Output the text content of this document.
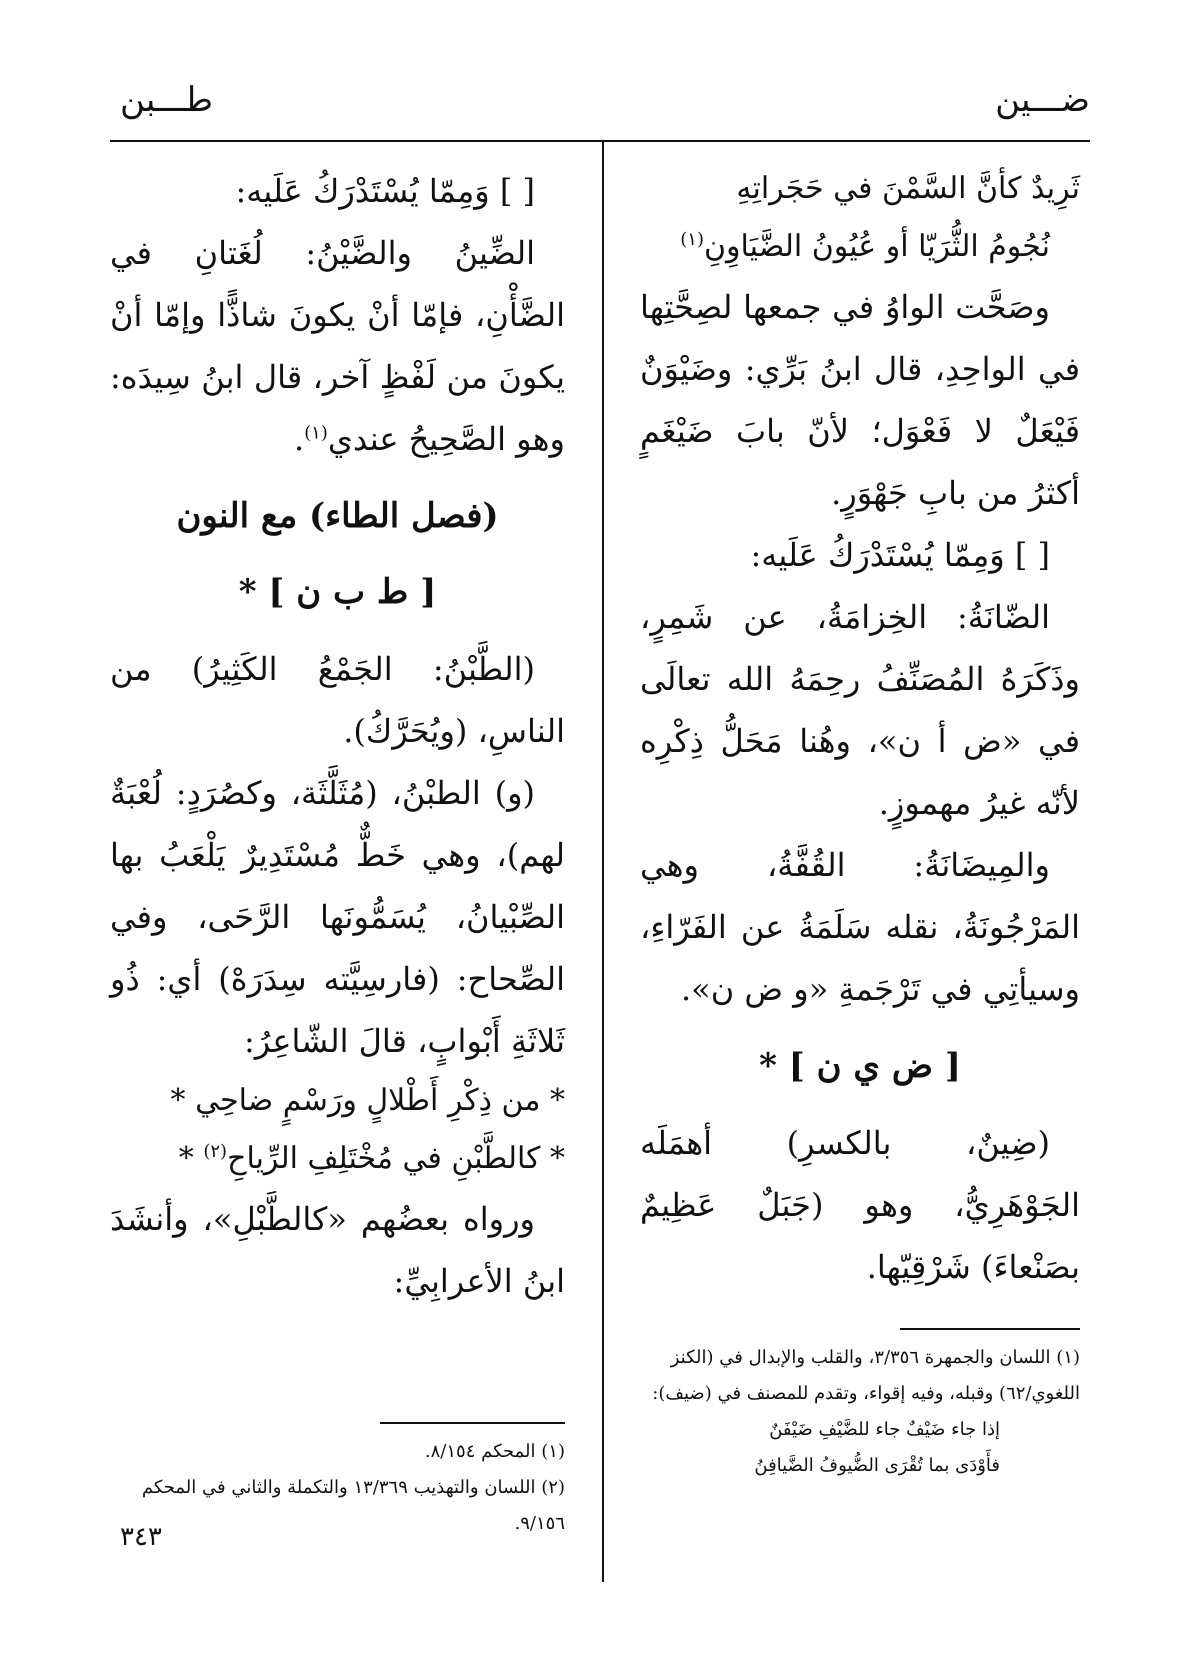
ضـــين
طـــبن

ثَرِيدٌ كأنَّ السَّمْنَ في حَجَراتِهِ

نُجُومُ الثُّرَيّا أو عُيُونُ الضَّيَاوِنِ$^{(١)}$

وصَحَّت الواوُ في جمعها لصِحَّتِها في الواحِدِ، قال ابنُ بَرِّي: وضَيْوَنٌ فَيْعَلٌ لا فَعْوَل؛ لأنّ بابَ ضَيْغَمٍ أكثرُ من بابِ جَهْوَرٍ.

[ ] وَمِمّا يُسْتَدْرَكُ عَلَيه:

الضّانَةُ: الخِزامَةُ، عن شَمِرٍ، وذَكَرَهُ المُصَنِّفُ رحِمَهُ الله تعالَى في «ض أ ن»، وهُنا مَحَلُّ ذِكْرِه لأنّه غيرُ مهموزٍ.

والمِيضَانَةُ: القُفَّةُ، وهي المَرْجُونَةُ، نقله سَلَمَةُ عن الفَرّاءِ، وسيأتِي في تَرْجَمةِ «و ض ن».

[ ض ي ن ] *

(ضِينٌ، بالكسرِ) أهمَلَه الجَوْهَرِيُّ، وهو (جَبَلٌ عَظِيمٌ بصَنْعاءَ) شَرْقِيّها.

[ ] وَمِمّا يُسْتَدْرَكُ عَلَيه:

الضِّينُ والضَّيْنُ: لُغَتانِ في الضَّأْنِ، فإمّا أنْ يكونَ شاذًّا وإمّا أنْ يكونَ من لَفْظٍ آخر، قال ابنُ سِيدَه: وهو الصَّحِيحُ عندي$^{(١)}$.

(فصل الطاء) مع النون

[ ط ب ن ] *

(الطَّبْنُ: الجَمْعُ الكَثِيرُ) من الناسِ، (ويُحَرَّكُ).

(و) الطبْنُ، (مُثَلَّثَة، وكصُرَدٍ: لُعْبَةٌ لهم)، وهي خَطٌّ مُسْتَدِيرٌ يَلْعَبُ بها الصِّبْيانُ، يُسَمُّونَها الرَّحَى، وفي الصِّحاح: (فارسِيَّته سِدَرَهْ) أي: ذُو ثَلاثَةِ أَبْوابٍ، قالَ الشّاعِرُ:

* من ذِكْرِ أَطْلالٍ ورَسْمٍ ضاحِي *

* كالطَّبْنِ في مُخْتَلِفِ الرِّياحِ$^{(٢)}$ *

ورواه بعضُهم «كالطَّبْلِ»، وأنشَدَ ابنُ الأعرابِيِّ:

(١) اللسان والجمهرة ٣/٣٥٦، والقلب والإبدال في (الكنز اللغوي/٦٢) وقبله، وفيه إقواء، وتقدم للمصنف في (ضيف):

إذا جاء ضَيْفٌ جاء للضَّيْفِ ضَيْفَنٌ

فأَوْدَى بما تُقْرَى الضُّيوفُ الضَّيافِنُ

(١) المحكم ٨/١٥٤.

(٢) اللسان والتهذيب ١٣/٣٦٩ والتكملة والثاني في المحكم ٩/١٥٦.

٣٤٣
